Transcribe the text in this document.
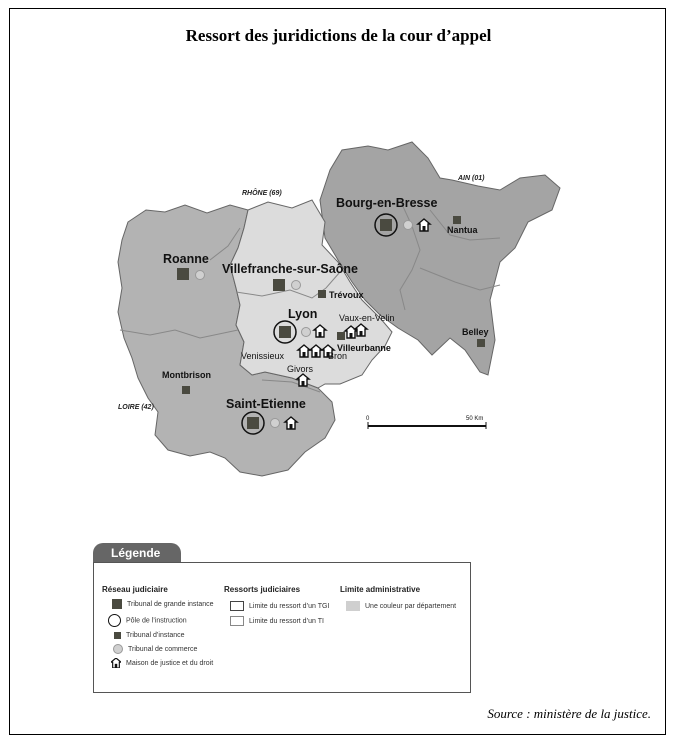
Ressort des juridictions de la cour d’appel
RHÔNE (69)
AIN (01)
LOIRE (42)
Bourg-en-Bresse
Nantua
Roanne
Villefranche-sur-Saône
Trévoux
Lyon Vaux-en-Velin
Villeurbanne
Venissieux	Bron
Givors
Belley
Montbrison
Saint-Etienne
0	50 Km
Légende
Réseau judiciaire
Tribunal de grande instance
Pôle de l’instruction
Tribunal d’instance
Tribunal de commerce
Maison de justice et du droit
Ressorts judiciaires
Limite du ressort d’un TGI
Limite du ressort d’un TI
Limite administrative
Une couleur par département
Source : ministère de la justice.
